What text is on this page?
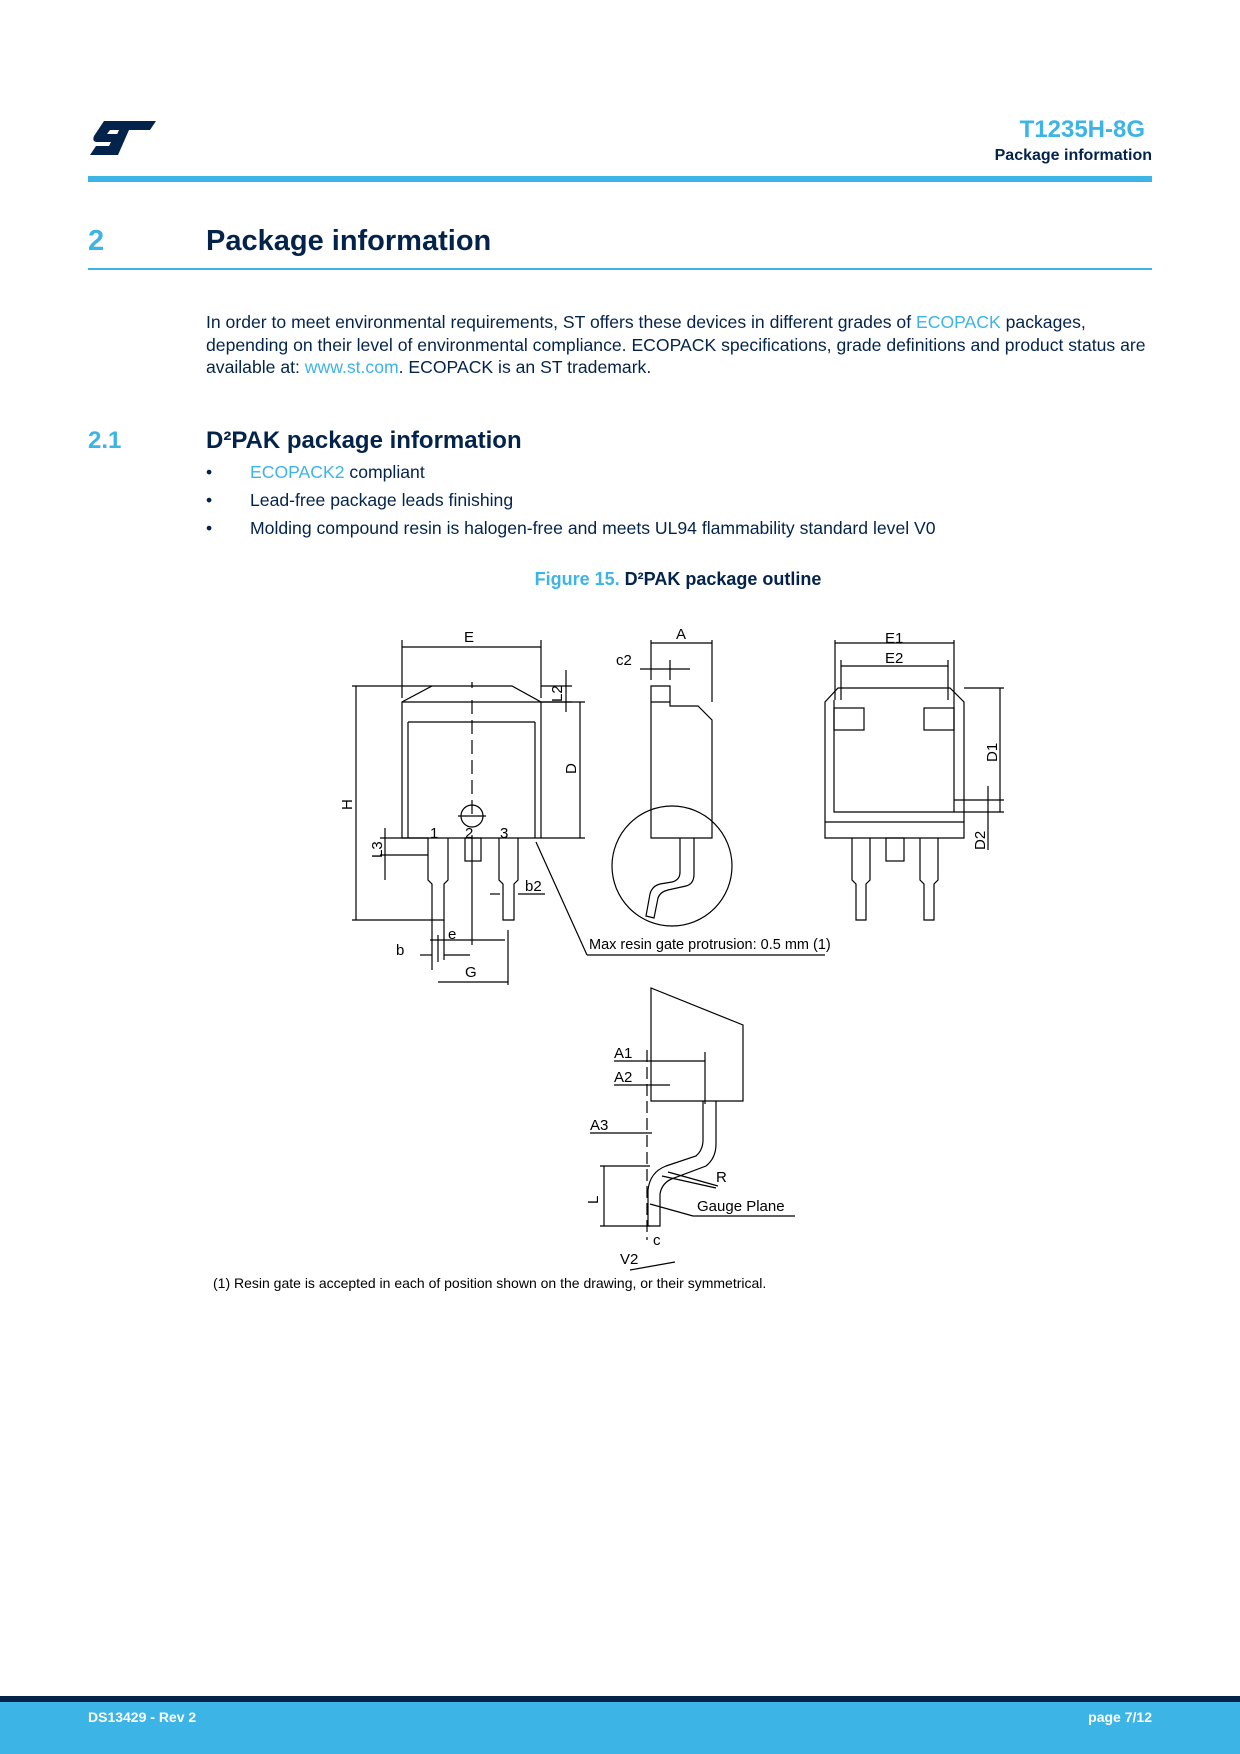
T1235H-8G
Package information
2	Package information
In order to meet environmental requirements, ST offers these devices in different grades of ECOPACK packages, depending on their level of environmental compliance. ECOPACK specifications, grade definitions and product status are available at: www.st.com. ECOPACK is an ST trademark.
2.1	D²PAK package information
• ECOPACK2 compliant
• Lead-free package leads finishing
• Molding compound resin is halogen-free and meets UL94 flammability standard level V0
Figure 15. D²PAK package outline
E	A
c2
E1
E2
L2
D
H
L3
D1
D2
1 2 3
b2
b
e
G
A1
A2
A3
R
L	Gauge Plane
c
V2
Max resin gate protrusion: 0.5 mm (1)
(1) Resin gate is accepted in each of position shown on the drawing, or their symmetrical.
DS13429 - Rev 2	page 7/12
